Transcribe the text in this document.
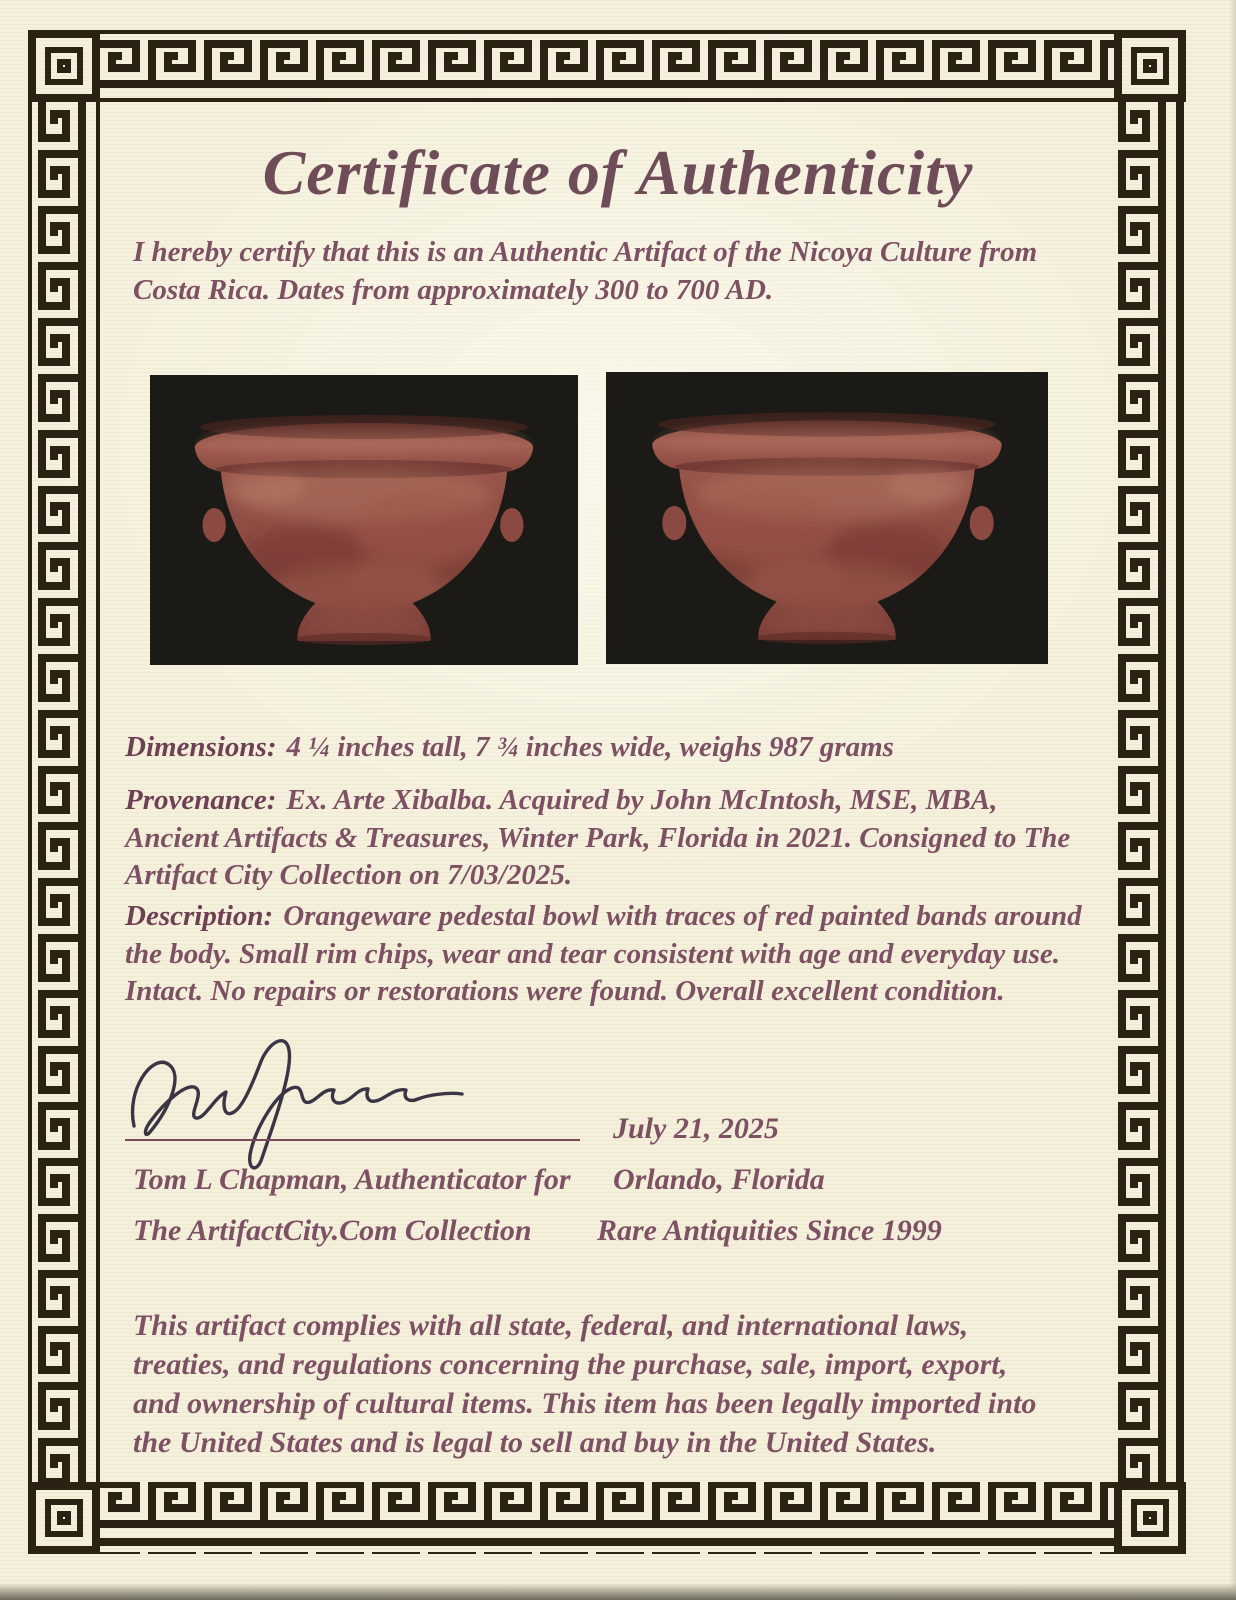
Certificate of Authenticity
I hereby certify that this is an Authentic Artifact of the Nicoya Culture from Costa Rica. Dates from approximately 300 to 700 AD.
Dimensions: 4 ¼ inches tall, 7 ¾ inches wide, weighs 987 grams
Provenance: Ex. Arte Xibalba. Acquired by John McIntosh, MSE, MBA, Ancient Artifacts & Treasures, Winter Park, Florida in 2021. Consigned to The Artifact City Collection on 7/03/2025.
Description: Orangeware pedestal bowl with traces of red painted bands around the body. Small rim chips, wear and tear consistent with age and everyday use. Intact. No repairs or restorations were found. Overall excellent condition.
July 21, 2025
Tom L Chapman, Authenticator for Orlando, Florida
The ArtifactCity.Com Collection Rare Antiquities Since 1999
This artifact complies with all state, federal, and international laws, treaties, and regulations concerning the purchase, sale, import, export, and ownership of cultural items. This item has been legally imported into the United States and is legal to sell and buy in the United States.
